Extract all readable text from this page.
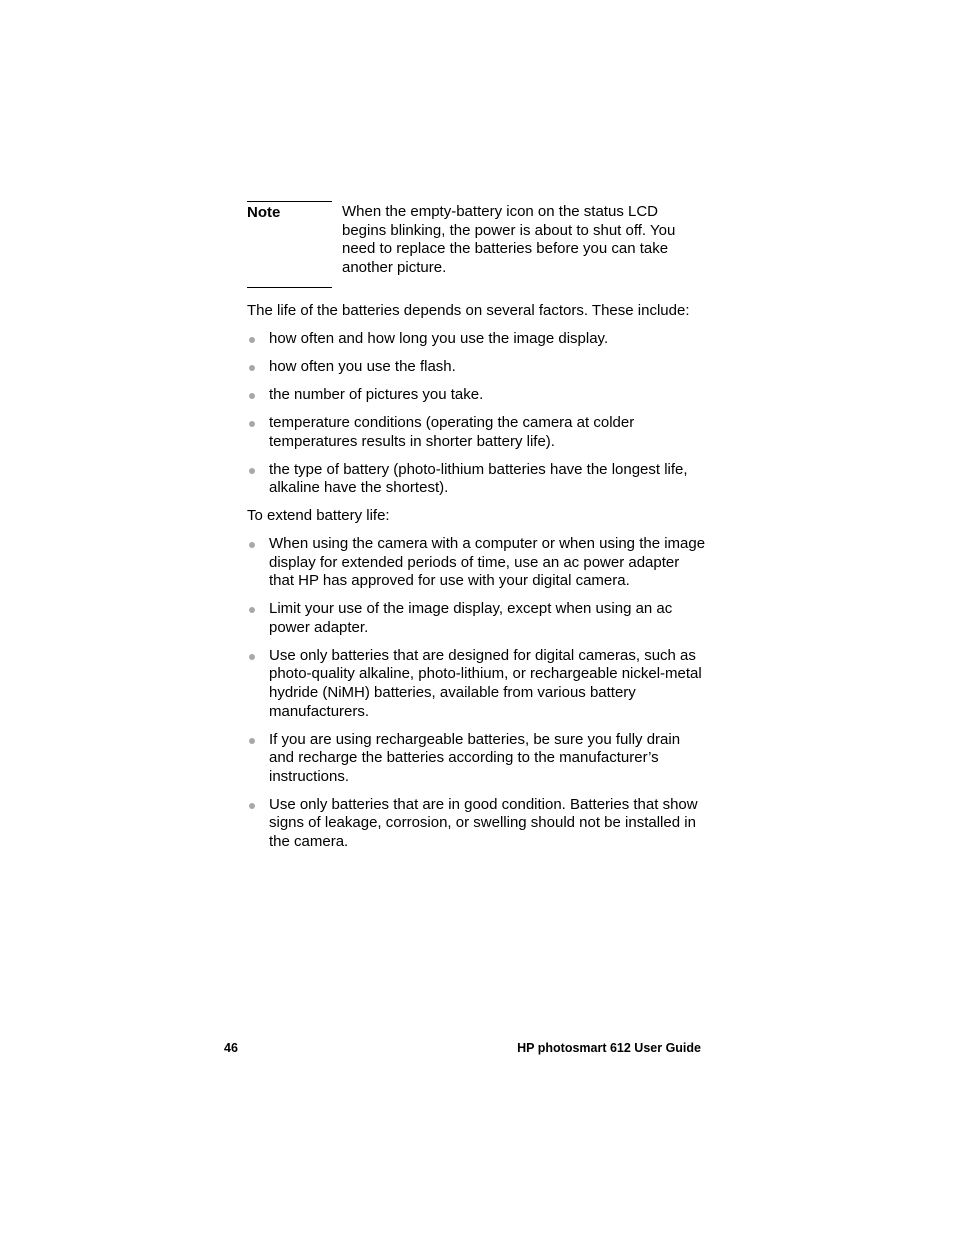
Note	When the empty-battery icon on the status LCD begins blinking, the power is about to shut off. You need to replace the batteries before you can take another picture.

The life of the batteries depends on several factors. These include:

how often and how long you use the image display.
how often you use the flash.
the number of pictures you take.
temperature conditions (operating the camera at colder temperatures results in shorter battery life).
the type of battery (photo-lithium batteries have the longest life, alkaline have the shortest).

To extend battery life:

When using the camera with a computer or when using the image display for extended periods of time, use an ac power adapter that HP has approved for use with your digital camera.
Limit your use of the image display, except when using an ac power adapter.
Use only batteries that are designed for digital cameras, such as photo-quality alkaline, photo-lithium, or rechargeable nickel-metal hydride (NiMH) batteries, available from various battery manufacturers.
If you are using rechargeable batteries, be sure you fully drain and recharge the batteries according to the manufacturer’s instructions.
Use only batteries that are in good condition. Batteries that show signs of leakage, corrosion, or swelling should not be installed in the camera.
46	HP photosmart 612 User Guide
